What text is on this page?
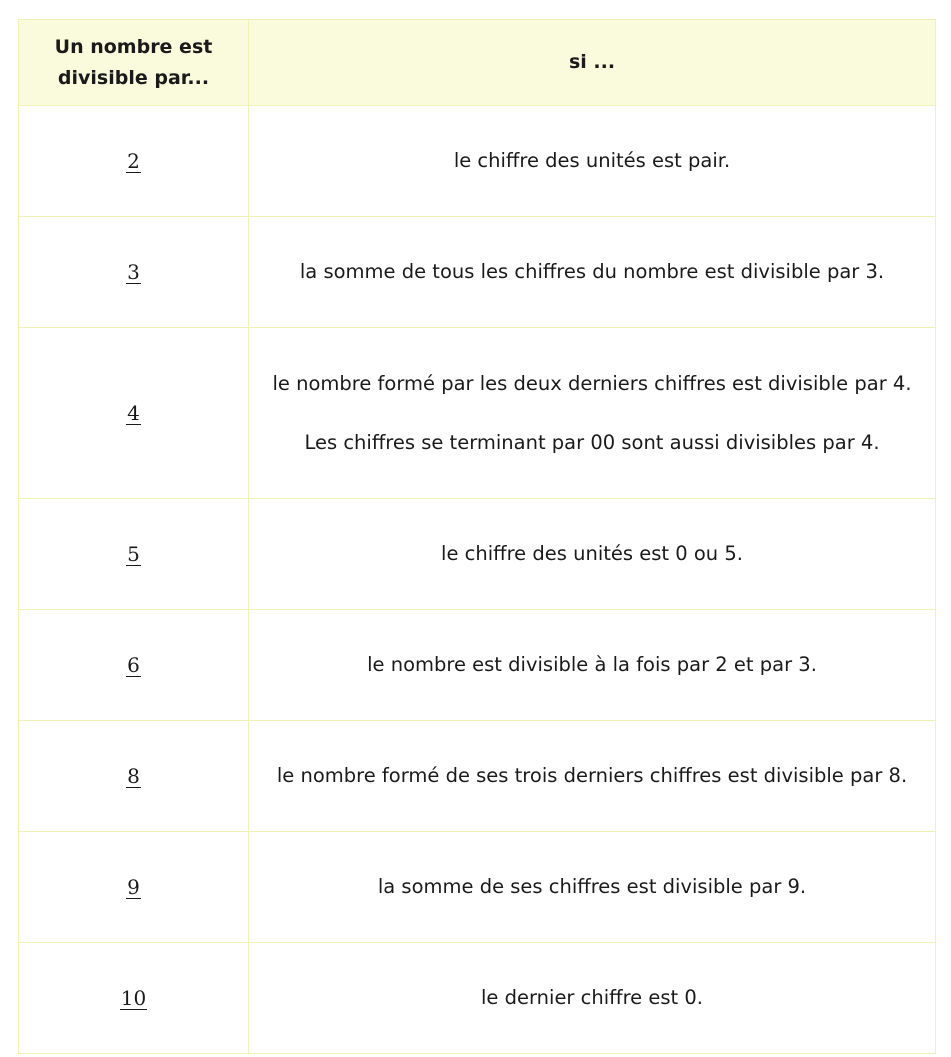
Un nombre est divisible par...	si ...
2	le chiffre des unités est pair.

3	la somme de tous les chiffres du nombre est divisible par 3.

4	le nombre formé par les deux derniers chiffres est divisible par 4.
Les chiffres se terminant par 00 sont aussi divisibles par 4.

5	le chiffre des unités est 0 ou 5.

6	le nombre est divisible à la fois par 2 et par 3.

8	le nombre formé de ses trois derniers chiffres est divisible par 8.

9	la somme de ses chiffres est divisible par 9.

10	le dernier chiffre est 0.
